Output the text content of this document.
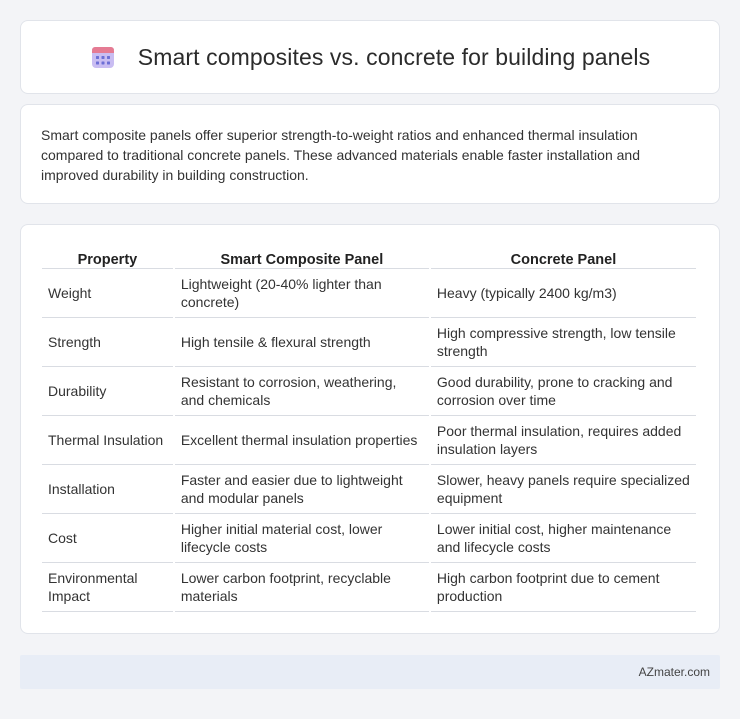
Smart composites vs. concrete for building panels

Smart composite panels offer superior strength-to-weight ratios and enhanced thermal insulation compared to traditional concrete panels. These advanced materials enable faster installation and improved durability in building construction.

Property	Smart Composite Panel	Concrete Panel
Weight	Lightweight (20-40% lighter than concrete)	Heavy (typically 2400 kg/m3)
Strength	High tensile & flexural strength	High compressive strength, low tensile strength
Durability	Resistant to corrosion, weathering, and chemicals	Good durability, prone to cracking and corrosion over time
Thermal Insulation	Excellent thermal insulation properties	Poor thermal insulation, requires added insulation layers
Installation	Faster and easier due to lightweight and modular panels	Slower, heavy panels require specialized equipment
Cost	Higher initial material cost, lower lifecycle costs	Lower initial cost, higher maintenance and lifecycle costs
Environmental Impact	Lower carbon footprint, recyclable materials	High carbon footprint due to cement production
AZmater.com
